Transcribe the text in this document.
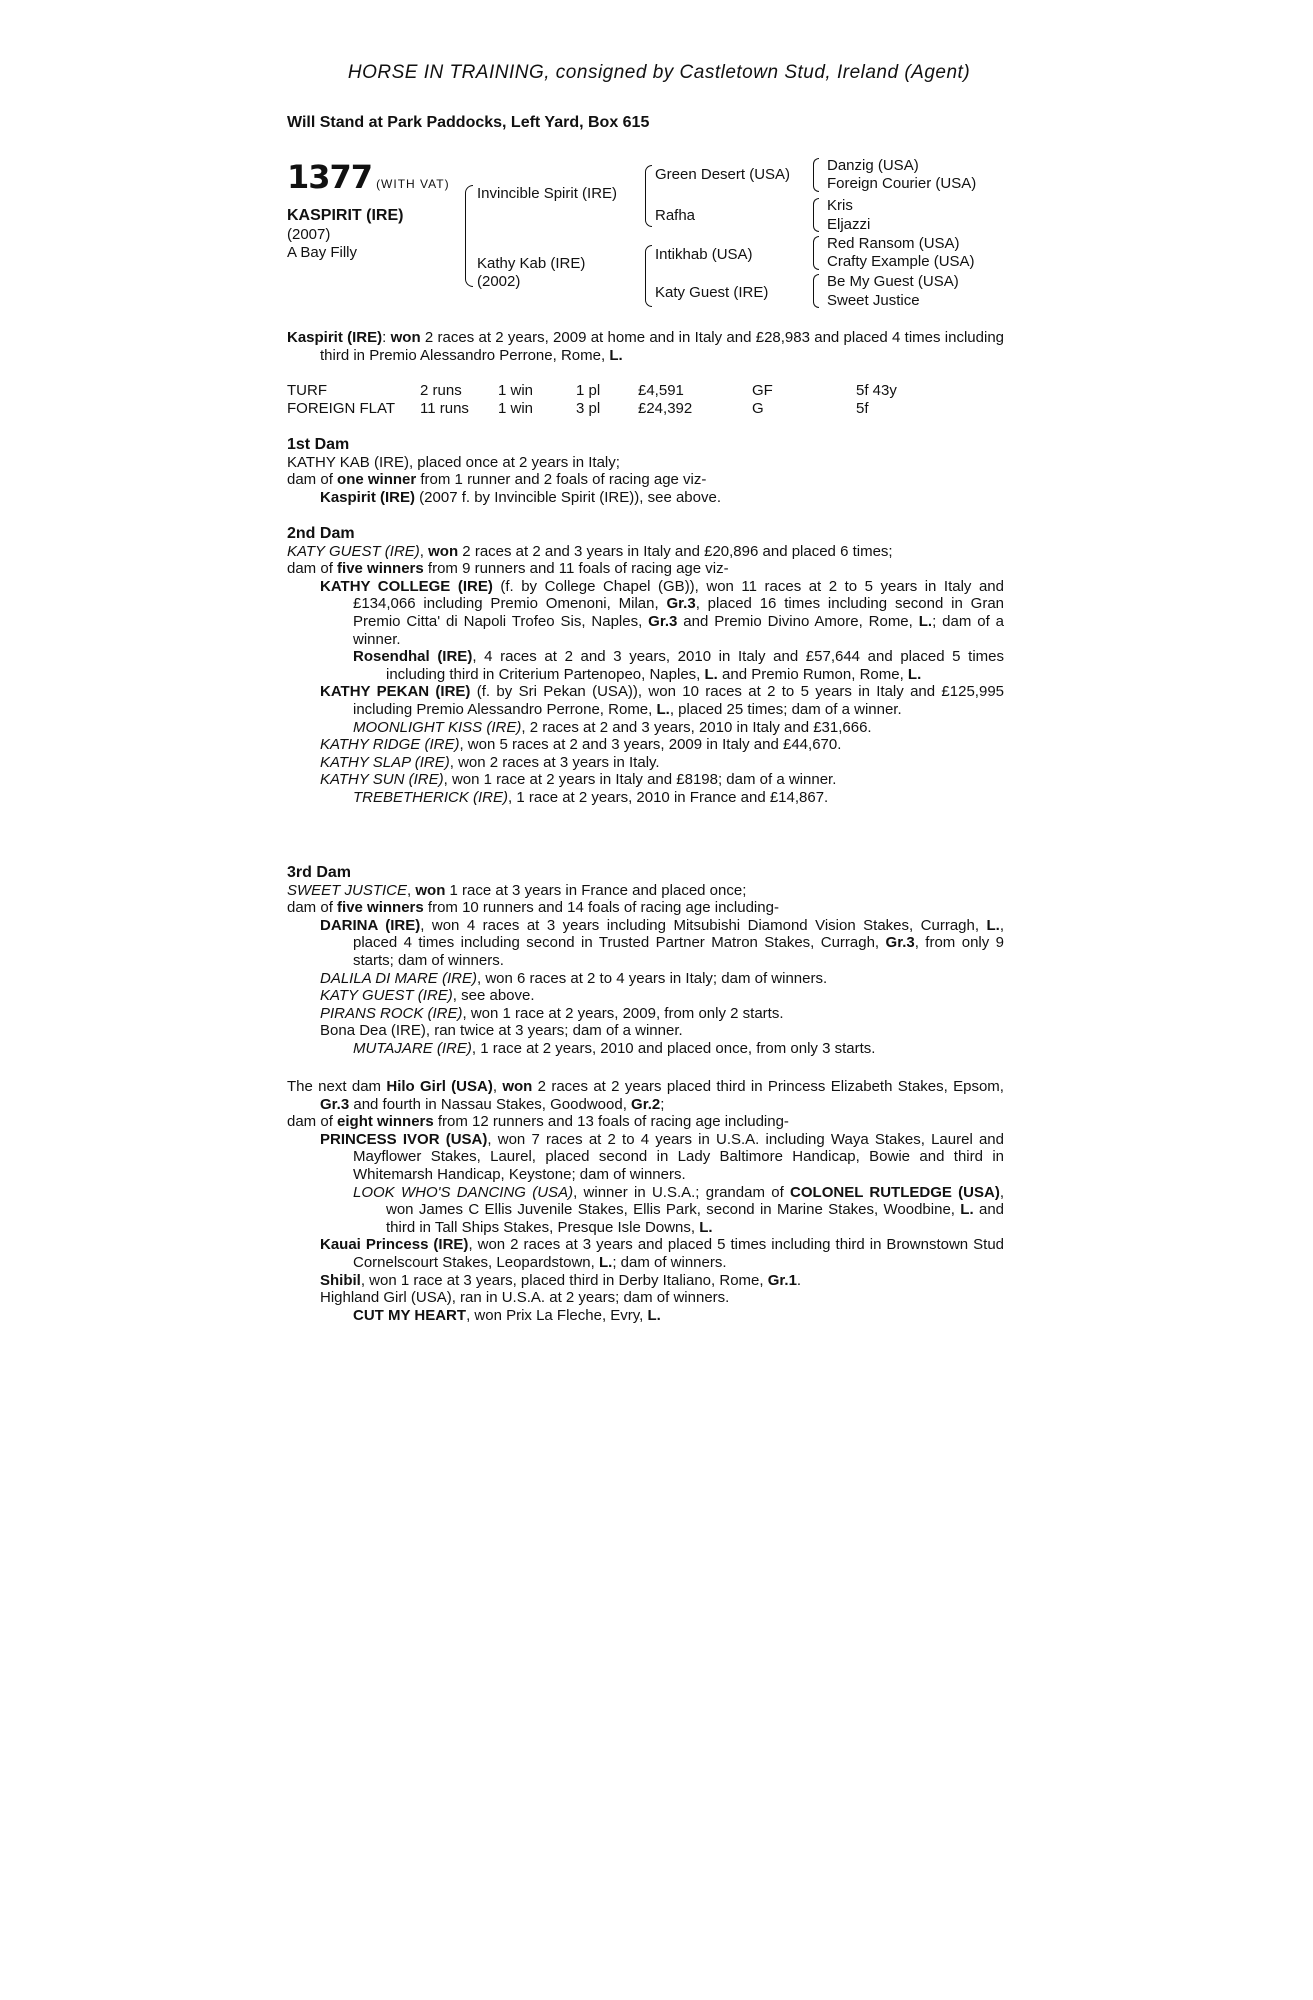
HORSE IN TRAINING, consigned by Castletown Stud, Ireland (Agent)
Will Stand at Park Paddocks, Left Yard, Box 615
1377 (WITH VAT)
KASPIRIT (IRE)
(2007)
A Bay Filly
Invincible Spirit (IRE)
Kathy Kab (IRE)
(2002)
Green Desert (USA)
Rafha
Intikhab (USA)
Katy Guest (IRE)
Danzig (USA)
Foreign Courier (USA)
Kris
Eljazzi
Red Ransom (USA)
Crafty Example (USA)
Be My Guest (USA)
Sweet Justice

Kaspirit (IRE): won 2 races at 2 years, 2009 at home and in Italy and £28,983 and placed 4 times including third in Premio Alessandro Perrone, Rome, L.

TURF	2 runs	1 win	1 pl	£4,591	GF	5f 43y
FOREIGN FLAT	11 runs	1 win	3 pl	£24,392	G	5f

1st Dam

KATHY KAB (IRE), placed once at 2 years in Italy;

dam of one winner from 1 runner and 2 foals of racing age viz-

Kaspirit (IRE) (2007 f. by Invincible Spirit (IRE)), see above.

2nd Dam

KATY GUEST (IRE), won 2 races at 2 and 3 years in Italy and £20,896 and placed 6 times;

dam of five winners from 9 runners and 11 foals of racing age viz-

KATHY COLLEGE (IRE) (f. by College Chapel (GB)), won 11 races at 2 to 5 years in Italy and £134,066 including Premio Omenoni, Milan, Gr.3, placed 16 times including second in Gran Premio Citta' di Napoli Trofeo Sis, Naples, Gr.3 and Premio Divino Amore, Rome, L.; dam of a winner.

Rosendhal (IRE), 4 races at 2 and 3 years, 2010 in Italy and £57,644 and placed 5 times including third in Criterium Partenopeo, Naples, L. and Premio Rumon, Rome, L.

KATHY PEKAN (IRE) (f. by Sri Pekan (USA)), won 10 races at 2 to 5 years in Italy and £125,995 including Premio Alessandro Perrone, Rome, L., placed 25 times; dam of a winner.

MOONLIGHT KISS (IRE), 2 races at 2 and 3 years, 2010 in Italy and £31,666.

KATHY RIDGE (IRE), won 5 races at 2 and 3 years, 2009 in Italy and £44,670.

KATHY SLAP (IRE), won 2 races at 3 years in Italy.

KATHY SUN (IRE), won 1 race at 2 years in Italy and £8198; dam of a winner.

TREBETHERICK (IRE), 1 race at 2 years, 2010 in France and £14,867.

3rd Dam

SWEET JUSTICE, won 1 race at 3 years in France and placed once;

dam of five winners from 10 runners and 14 foals of racing age including-

DARINA (IRE), won 4 races at 3 years including Mitsubishi Diamond Vision Stakes, Curragh, L., placed 4 times including second in Trusted Partner Matron Stakes, Curragh, Gr.3, from only 9 starts; dam of winners.

DALILA DI MARE (IRE), won 6 races at 2 to 4 years in Italy; dam of winners.

KATY GUEST (IRE), see above.

PIRANS ROCK (IRE), won 1 race at 2 years, 2009, from only 2 starts.

Bona Dea (IRE), ran twice at 3 years; dam of a winner.

MUTAJARE (IRE), 1 race at 2 years, 2010 and placed once, from only 3 starts.

The next dam Hilo Girl (USA), won 2 races at 2 years placed third in Princess Elizabeth Stakes, Epsom, Gr.3 and fourth in Nassau Stakes, Goodwood, Gr.2;

dam of eight winners from 12 runners and 13 foals of racing age including-

PRINCESS IVOR (USA), won 7 races at 2 to 4 years in U.S.A. including Waya Stakes, Laurel and Mayflower Stakes, Laurel, placed second in Lady Baltimore Handicap, Bowie and third in Whitemarsh Handicap, Keystone; dam of winners.

LOOK WHO'S DANCING (USA), winner in U.S.A.; grandam of COLONEL RUTLEDGE (USA), won James C Ellis Juvenile Stakes, Ellis Park, second in Marine Stakes, Woodbine, L. and third in Tall Ships Stakes, Presque Isle Downs, L.

Kauai Princess (IRE), won 2 races at 3 years and placed 5 times including third in Brownstown Stud Cornelscourt Stakes, Leopardstown, L.; dam of winners.

Shibil, won 1 race at 3 years, placed third in Derby Italiano, Rome, Gr.1.

Highland Girl (USA), ran in U.S.A. at 2 years; dam of winners.

CUT MY HEART, won Prix La Fleche, Evry, L.
